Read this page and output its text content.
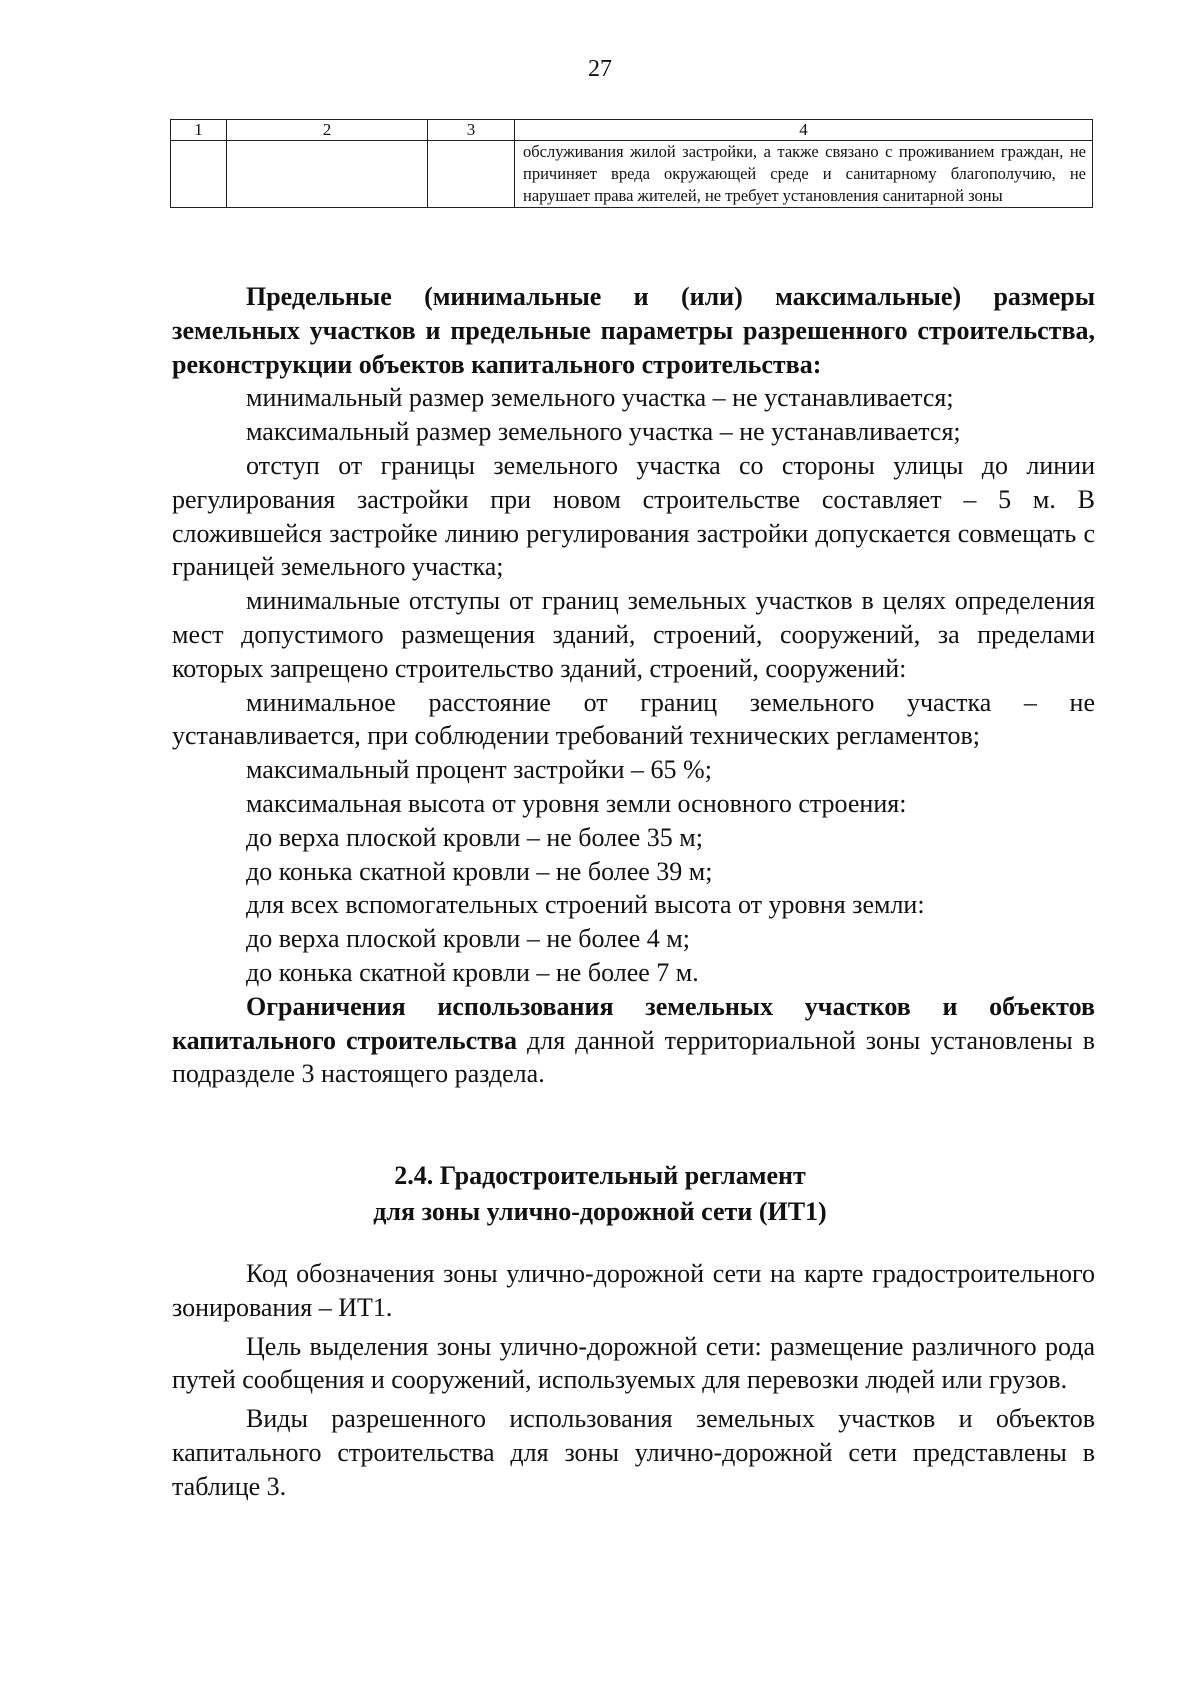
27
1	2	3	4
			обслуживания жилой застройки, а также связано с проживанием граждан, не причиняет вреда окружающей среде и санитарному благополучию, не нарушает права жителей, не требует установления санитарной зоны

Предельные (минимальные и (или) максимальные) размеры земельных участков и предельные параметры разрешенного строительства, реконструкции объектов капитального строительства:

минимальный размер земельного участка – не устанавливается;

максимальный размер земельного участка – не устанавливается;

отступ от границы земельного участка со стороны улицы до линии регулирования застройки при новом строительстве составляет – 5 м. В сложившейся застройке линию регулирования застройки допускается совмещать с границей земельного участка;

минимальные отступы от границ земельных участков в целях определения мест допустимого размещения зданий, строений, сооружений, за пределами которых запрещено строительство зданий, строений, сооружений:

минимальное расстояние от границ земельного участка – не устанавливается, при соблюдении требований технических регламентов;

максимальный процент застройки – 65 %;

максимальная высота от уровня земли основного строения:

до верха плоской кровли – не более 35 м;

до конька скатной кровли – не более 39 м;

для всех вспомогательных строений высота от уровня земли:

до верха плоской кровли – не более 4 м;

до конька скатной кровли – не более 7 м.

Ограничения использования земельных участков и объектов капитального строительства для данной территориальной зоны установлены в подразделе 3 настоящего раздела.

2.4. Градостроительный регламент
для зоны улично-дорожной сети (ИТ1)

Код обозначения зоны улично-дорожной сети на карте градостроительного зонирования – ИТ1.

Цель выделения зоны улично-дорожной сети: размещение различного рода путей сообщения и сооружений, используемых для перевозки людей или грузов.

Виды разрешенного использования земельных участков и объектов капитального строительства для зоны улично-дорожной сети представлены в таблице 3.
